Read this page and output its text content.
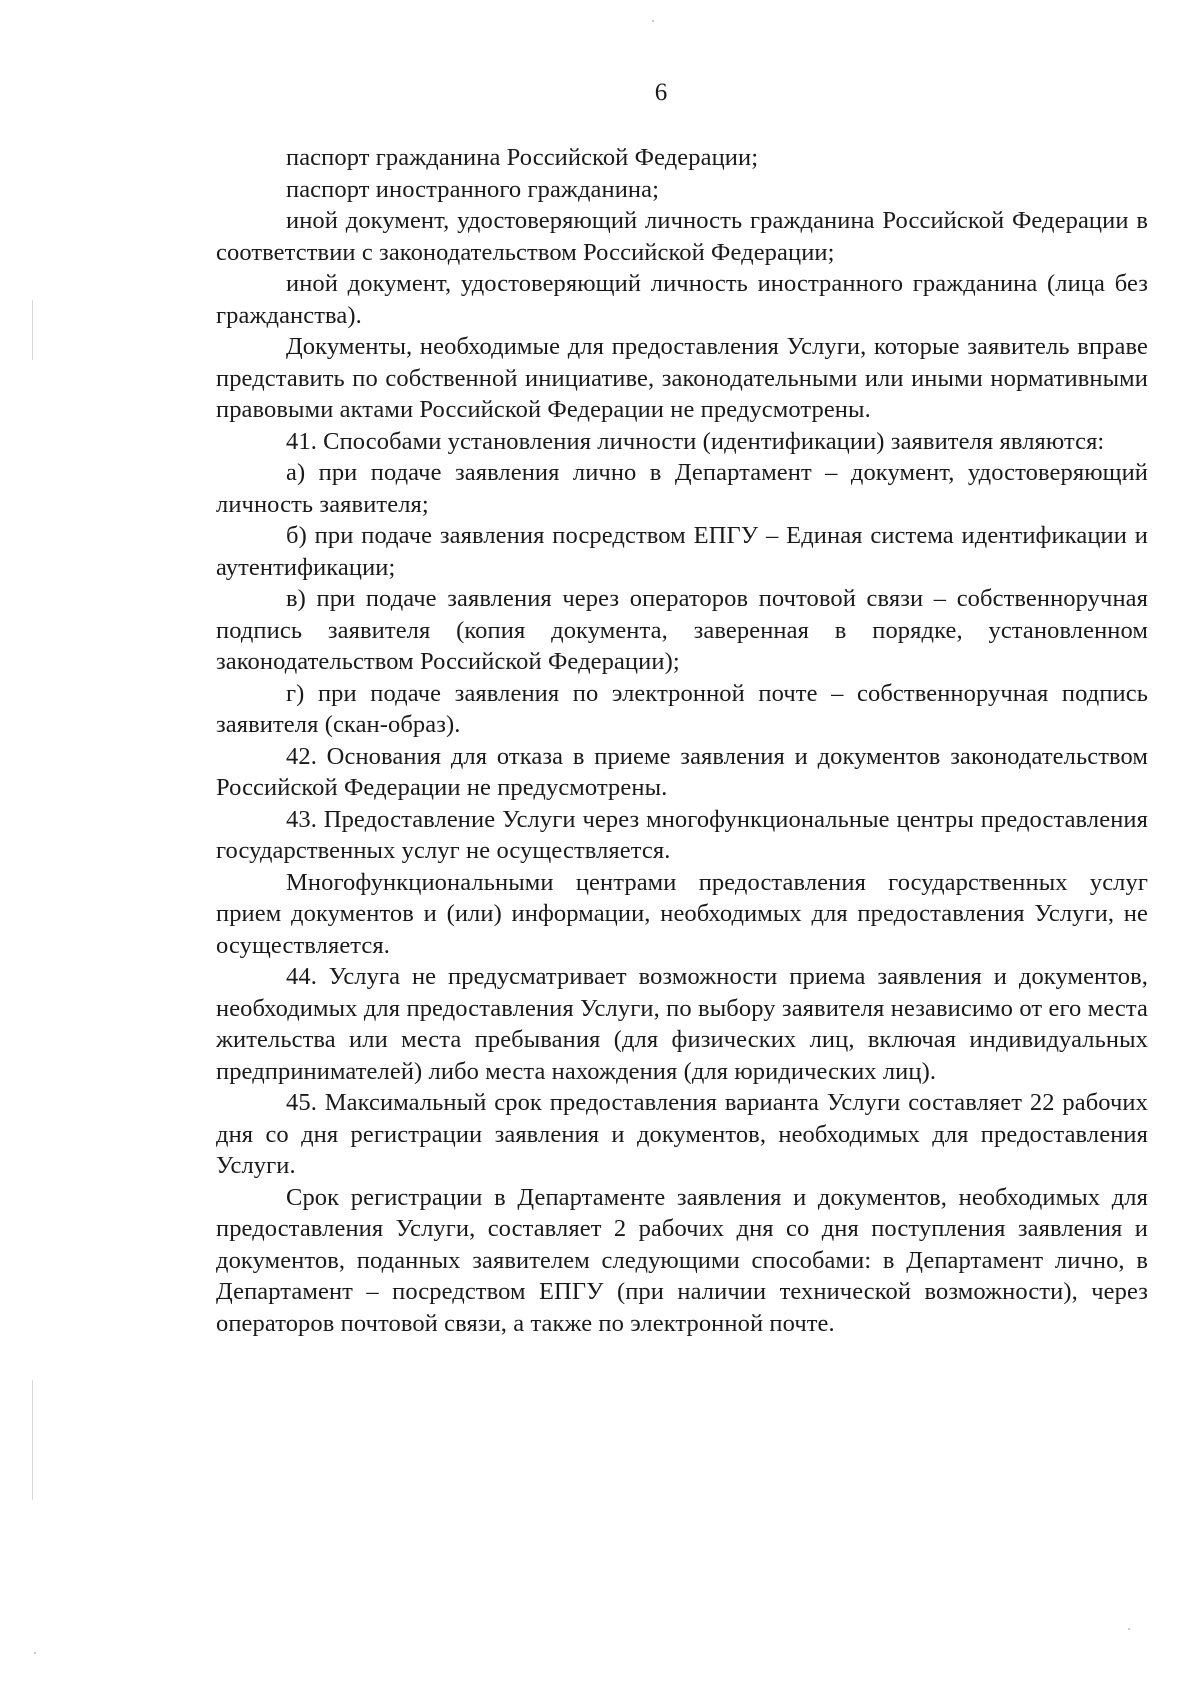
6

паспорт гражданина Российской Федерации;

паспорт иностранного гражданина;

иной документ, удостоверяющий личность гражданина Российской Федерации в соответствии с законодательством Российской Федерации;

иной документ, удостоверяющий личность иностранного гражданина (лица без гражданства).

Документы, необходимые для предоставления Услуги, которые заявитель вправе представить по собственной инициативе, законодательными или иными нормативными правовыми актами Российской Федерации не предусмотрены.

41. Способами установления личности (идентификации) заявителя являются:

а) при подаче заявления лично в Департамент – документ, удостоверяющий личность заявителя;

б) при подаче заявления посредством ЕПГУ – Единая система идентификации и аутентификации;

в) при подаче заявления через операторов почтовой связи – собственноручная подпись заявителя (копия документа, заверенная в порядке, установленном законодательством Российской Федерации);

г) при подаче заявления по электронной почте – собственноручная подпись заявителя (скан-образ).

42. Основания для отказа в приеме заявления и документов законодательством Российской Федерации не предусмотрены.

43. Предоставление Услуги через многофункциональные центры предоставления государственных услуг не осуществляется.

Многофункциональными центрами предоставления государственных услуг прием документов и (или) информации, необходимых для предоставления Услуги, не осуществляется.

44. Услуга не предусматривает возможности приема заявления и документов, необходимых для предоставления Услуги, по выбору заявителя независимо от его места жительства или места пребывания (для физических лиц, включая индивидуальных предпринимателей) либо места нахождения (для юридических лиц).

45. Максимальный срок предоставления варианта Услуги составляет 22 рабочих дня со дня регистрации заявления и документов, необходимых для предоставления Услуги.

Срок регистрации в Департаменте заявления и документов, необходимых для предоставления Услуги, составляет 2 рабочих дня со дня поступления заявления и документов, поданных заявителем следующими способами: в Департамент лично, в Департамент – посредством ЕПГУ (при наличии технической возможности), через операторов почтовой связи, а также по электронной почте.
